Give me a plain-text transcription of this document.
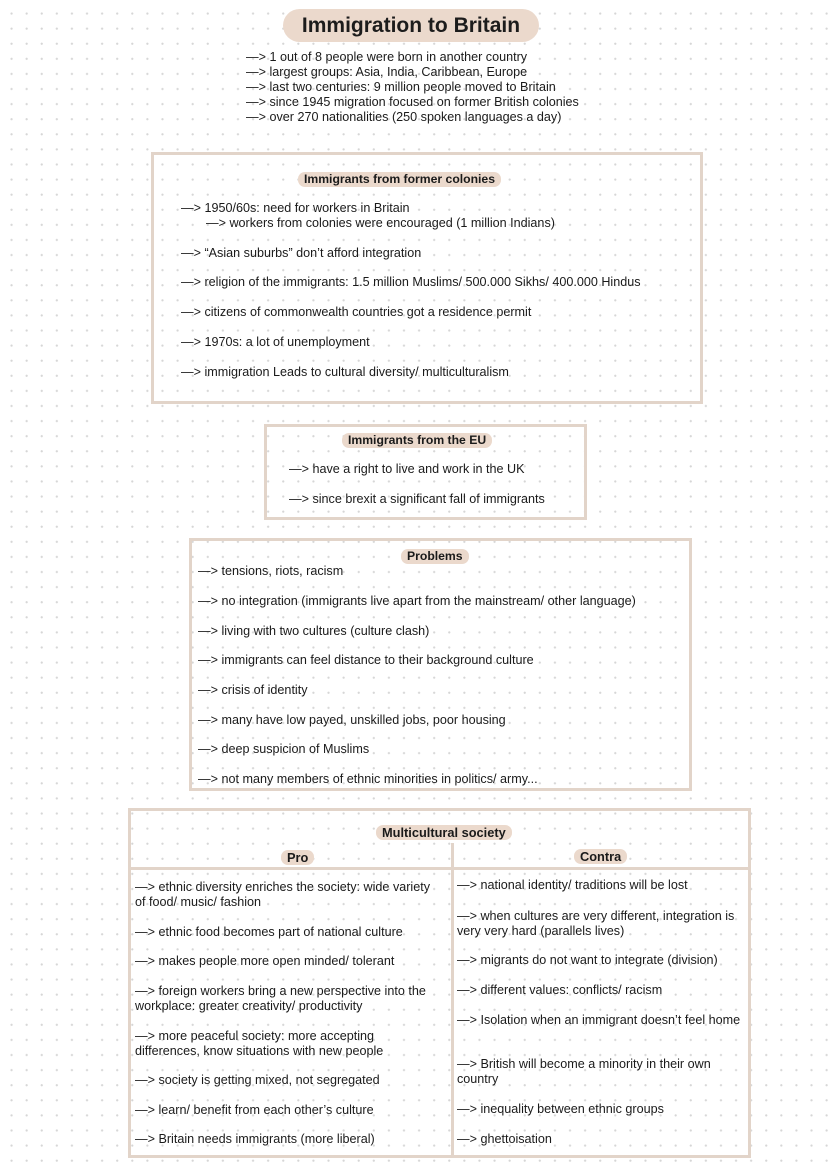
Immigration to Britain
—> 1 out of 8 people were born in another country
—> largest groups: Asia, India, Caribbean, Europe
—> last two centuries: 9 million people moved to Britain
—> since 1945 migration focused on former British colonies
—> over 270 nationalities (250 spoken languages a day)
Immigrants from former colonies
—> 1950/60s: need for workers in Britain
—> workers from colonies were encouraged (1 million Indians)
—> “Asian suburbs” don’t afford integration
—> religion of the immigrants: 1.5 million Muslims/ 500.000 Sikhs/ 400.000 Hindus
—> citizens of commonwealth countries got a residence permit
—> 1970s: a lot of unemployment
—> immigration Leads to cultural diversity/ multiculturalism
Immigrants from the EU
—> have a right to live and work in the UK
—> since brexit a significant fall of immigrants
Problems
—> tensions, riots, racism
—> no integration (immigrants live apart from the mainstream/ other language)
—> living with two cultures (culture clash)
—> immigrants can feel distance to their background culture
—> crisis of identity
—> many have low payed, unskilled jobs, poor housing
—> deep suspicion of Muslims
—> not many members of ethnic minorities in politics/ army...
Multicultural society
Pro	Contra
—> ethnic diversity enriches the society: wide variety of food/ music/ fashion
—> ethnic food becomes part of national culture
—> makes people more open minded/ tolerant
—> foreign workers bring a new perspective into the workplace: greater creativity/ productivity
—> more peaceful society: more accepting differences, know situations with new people
—> society is getting mixed, not segregated
—> learn/ benefit from each other’s culture
—> Britain needs immigrants (more liberal)
—> national identity/ traditions will be lost
—> when cultures are very different, integration is very very hard (parallels lives)
—> migrants do not want to integrate (division)
—> different values: conflicts/ racism
—> Isolation when an immigrant doesn’t feel home
—> British will become a minority in their own country
—> inequality between ethnic groups
—> ghettoisation
